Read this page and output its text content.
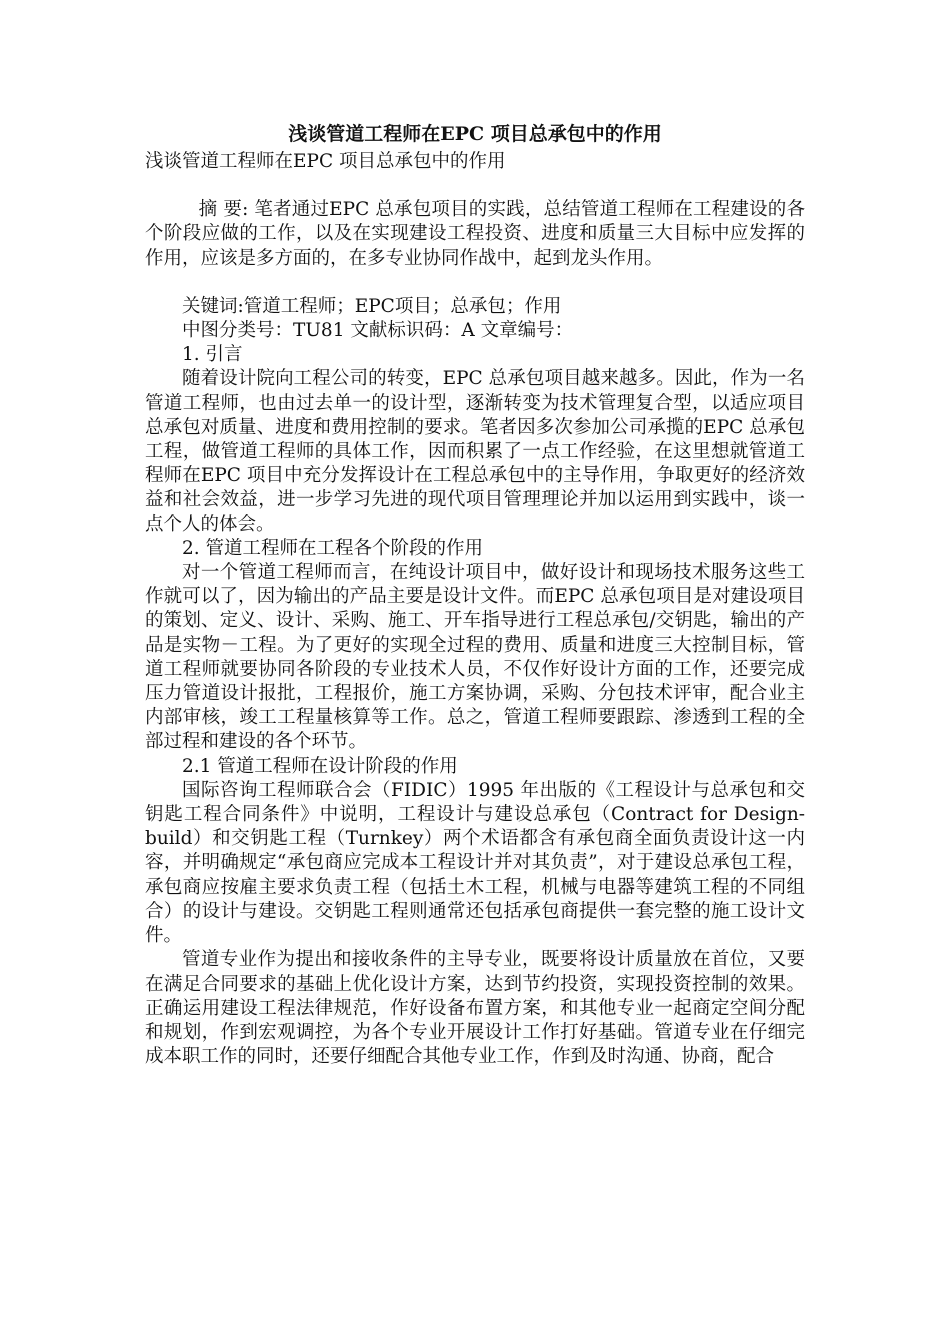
浅谈管道工程师在EPC 项目总承包中的作用

浅谈管道工程师在EPC 项目总承包中的作用

摘 要: 笔者通过EPC 总承包项目的实践，总结管道工程师在工程建设的各个阶段应做的工作，以及在实现建设工程投资、进度和质量三大目标中应发挥的作用，应该是多方面的，在多专业协同作战中，起到龙头作用。

关键词:管道工程师；EPC项目；总承包；作用

中图分类号：TU81 文献标识码：A 文章编号：

1. 引言

随着设计院向工程公司的转变，EPC 总承包项目越来越多。因此，作为一名管道工程师，也由过去单一的设计型，逐渐转变为技术管理复合型，以适应项目总承包对质量、进度和费用控制的要求。笔者因多次参加公司承揽的EPC 总承包工程，做管道工程师的具体工作，因而积累了一点工作经验，在这里想就管道工程师在EPC 项目中充分发挥设计在工程总承包中的主导作用，争取更好的经济效益和社会效益，进一步学习先进的现代项目管理理论并加以运用到实践中，谈一点个人的体会。

2. 管道工程师在工程各个阶段的作用

对一个管道工程师而言，在纯设计项目中，做好设计和现场技术服务这些工作就可以了，因为输出的产品主要是设计文件。而EPC 总承包项目是对建设项目的策划、定义、设计、采购、施工、开车指导进行工程总承包/交钥匙，输出的产品是实物－工程。为了更好的实现全过程的费用、质量和进度三大控制目标，管道工程师就要协同各阶段的专业技术人员，不仅作好设计方面的工作，还要完成压力管道设计报批，工程报价，施工方案协调，采购、分包技术评审，配合业主内部审核，竣工工程量核算等工作。总之，管道工程师要跟踪、渗透到工程的全部过程和建设的各个环节。

2.1 管道工程师在设计阶段的作用

国际咨询工程师联合会（FIDIC）1995 年出版的《工程设计与总承包和交钥匙工程合同条件》中说明，工程设计与建设总承包（Contract for Design-build）和交钥匙工程（Turnkey）两个术语都含有承包商全面负责设计这一内容，并明确规定“承包商应完成本工程设计并对其负责”，对于建设总承包工程，承包商应按雇主要求负责工程（包括土木工程，机械与电器等建筑工程的不同组合）的设计与建设。交钥匙工程则通常还包括承包商提供一套完整的施工设计文件。

管道专业作为提出和接收条件的主导专业，既要将设计质量放在首位，又要在满足合同要求的基础上优化设计方案，达到节约投资，实现投资控制的效果。正确运用建设工程法律规范，作好设备布置方案，和其他专业一起商定空间分配和规划，作到宏观调控，为各个专业开展设计工作打好基础。管道专业在仔细完成本职工作的同时，还要仔细配合其他专业工作，作到及时沟通、协商，配合
